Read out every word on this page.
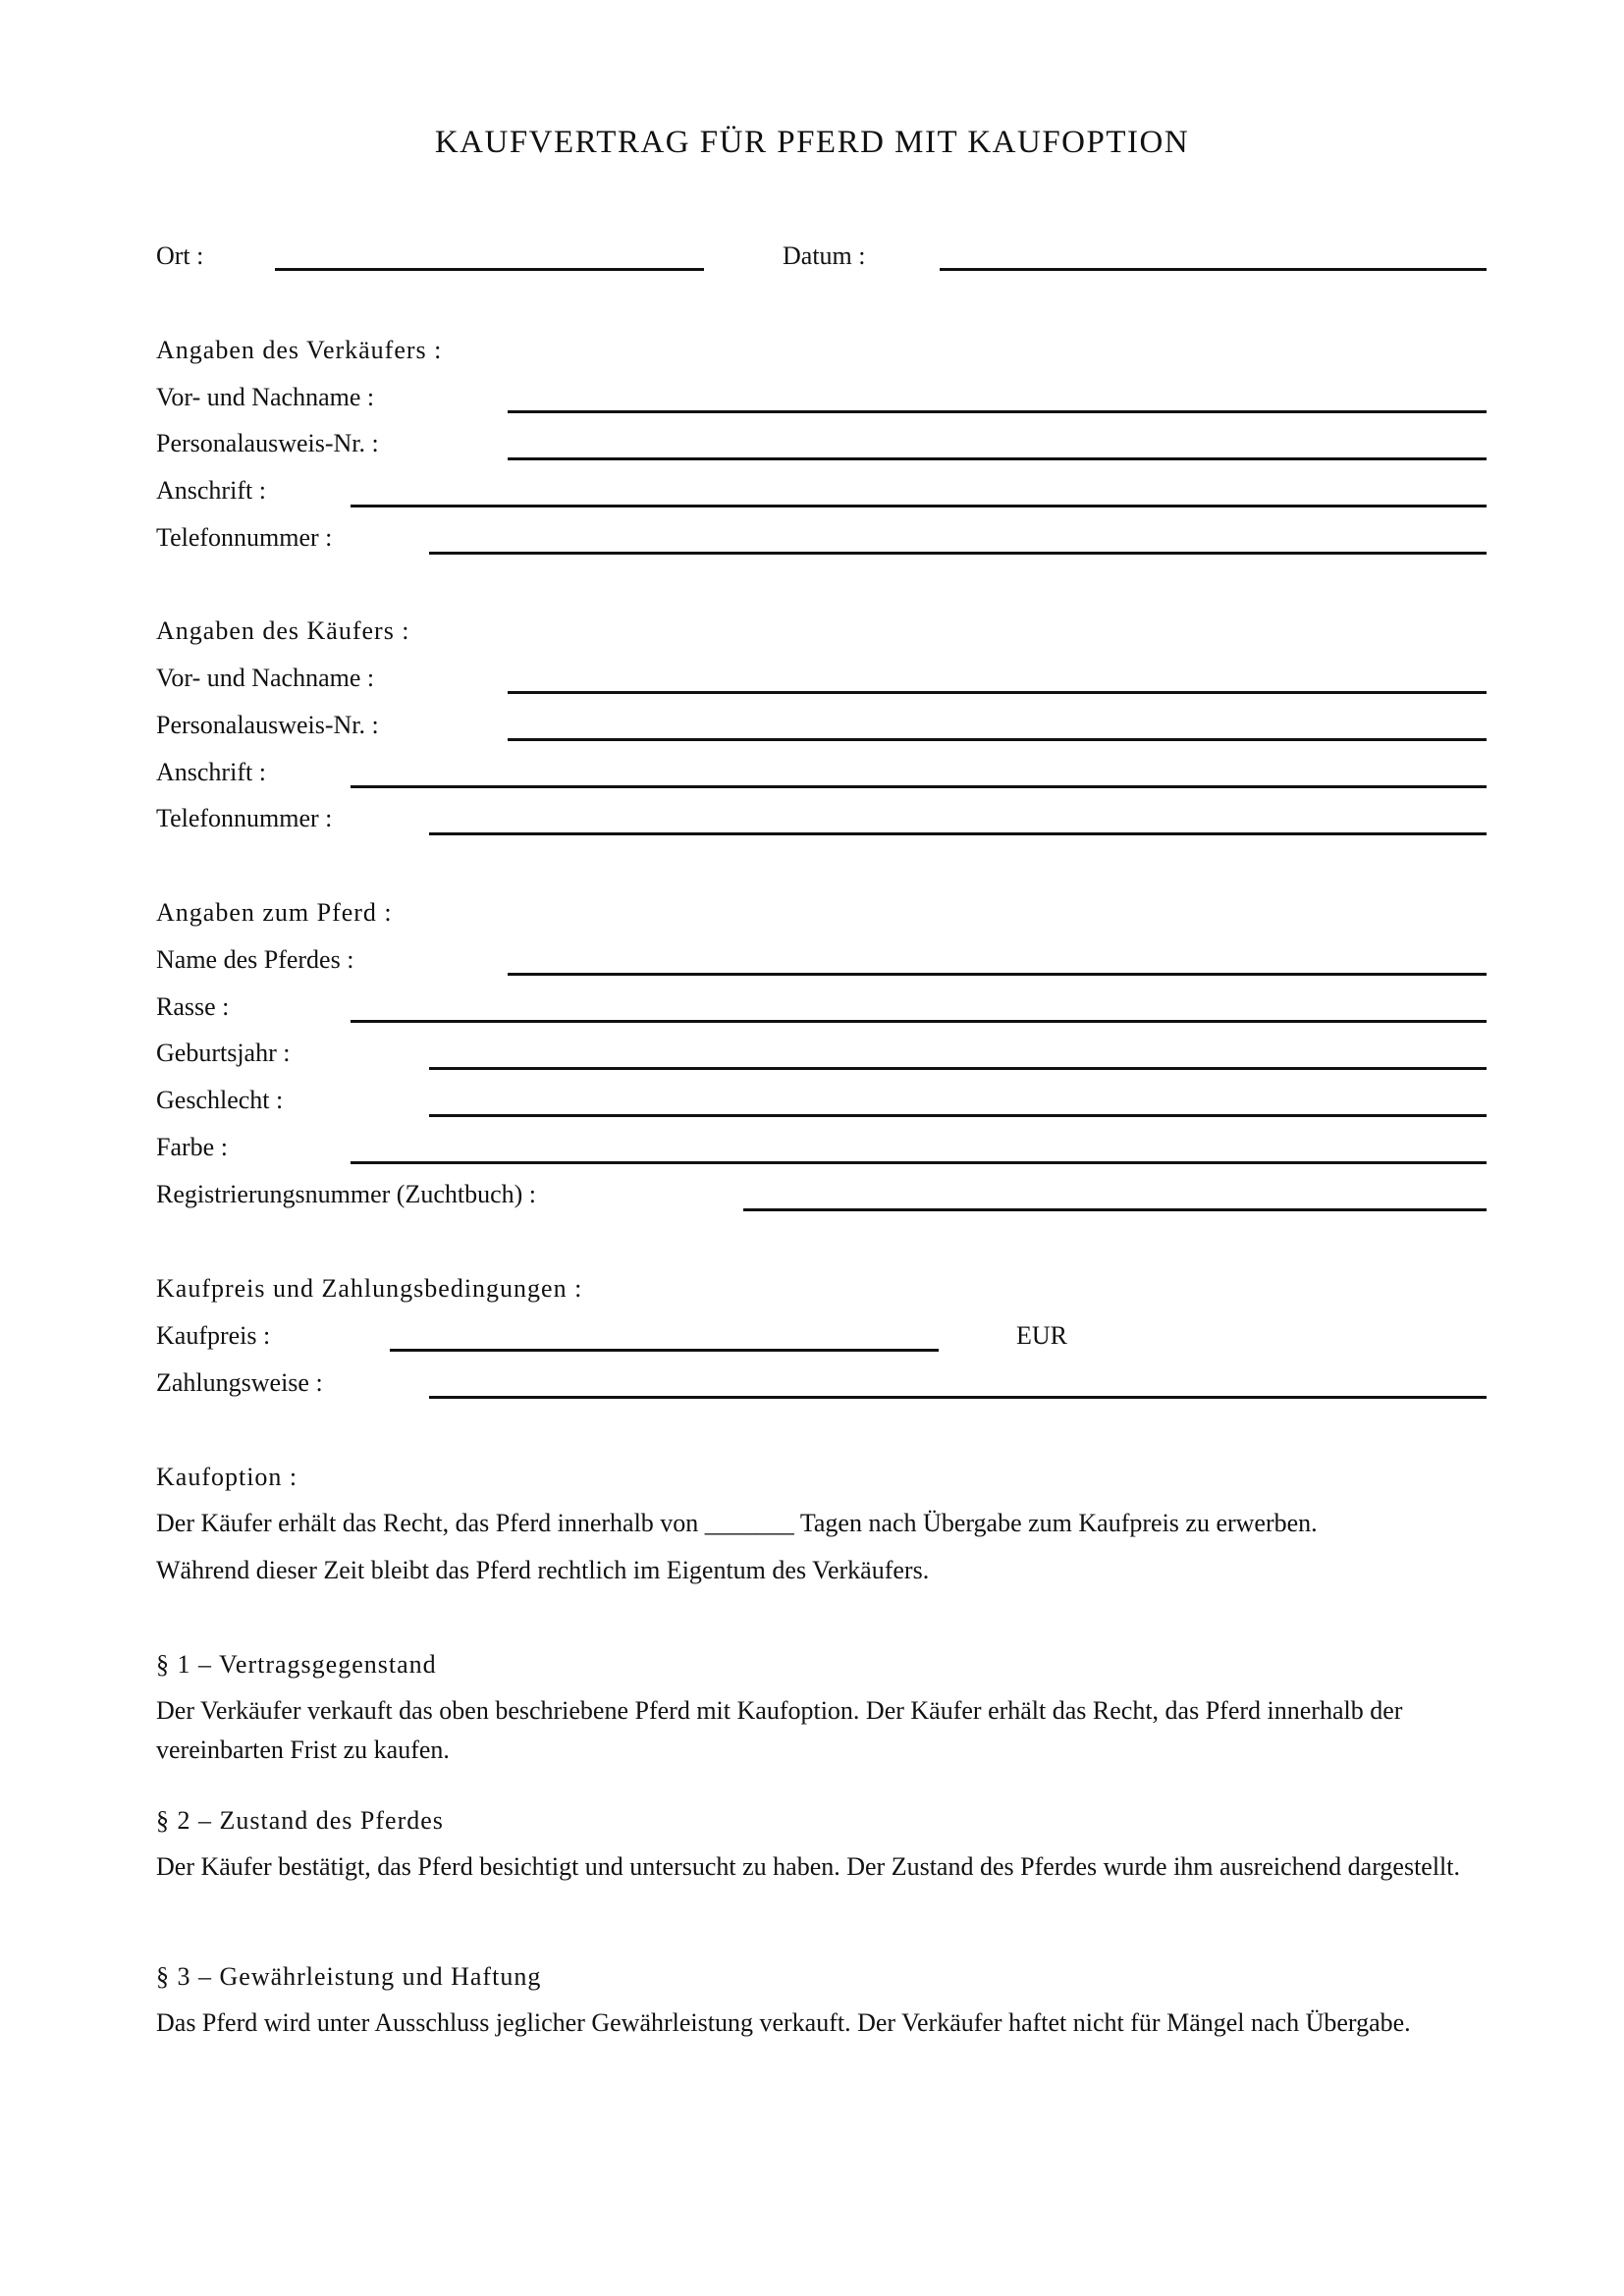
KAUFVERTRAG FÜR PFERD MIT KAUFOPTION
Ort :	Datum :
Angaben des Verkäufers :
Vor- und Nachname :
Personalausweis-Nr. :
Anschrift :
Telefonnummer :
Angaben des Käufers :
Vor- und Nachname :
Personalausweis-Nr. :
Anschrift :
Telefonnummer :
Angaben zum Pferd :
Name des Pferdes :
Rasse :
Geburtsjahr :
Geschlecht :
Farbe :
Registrierungsnummer (Zuchtbuch) :
Kaufpreis und Zahlungsbedingungen :
Kaufpreis :	EUR
Zahlungsweise :
Kaufoption :
Der Käufer erhält das Recht, das Pferd innerhalb von _______ Tagen nach Übergabe zum Kaufpreis zu erwerben.
Während dieser Zeit bleibt das Pferd rechtlich im Eigentum des Verkäufers.
§ 1 – Vertragsgegenstand
Der Verkäufer verkauft das oben beschriebene Pferd mit Kaufoption. Der Käufer erhält das Recht, das Pferd innerhalb der vereinbarten Frist zu kaufen.
§ 2 – Zustand des Pferdes
Der Käufer bestätigt, das Pferd besichtigt und untersucht zu haben. Der Zustand des Pferdes wurde ihm ausreichend dargestellt.
§ 3 – Gewährleistung und Haftung
Das Pferd wird unter Ausschluss jeglicher Gewährleistung verkauft. Der Verkäufer haftet nicht für Mängel nach Übergabe.
